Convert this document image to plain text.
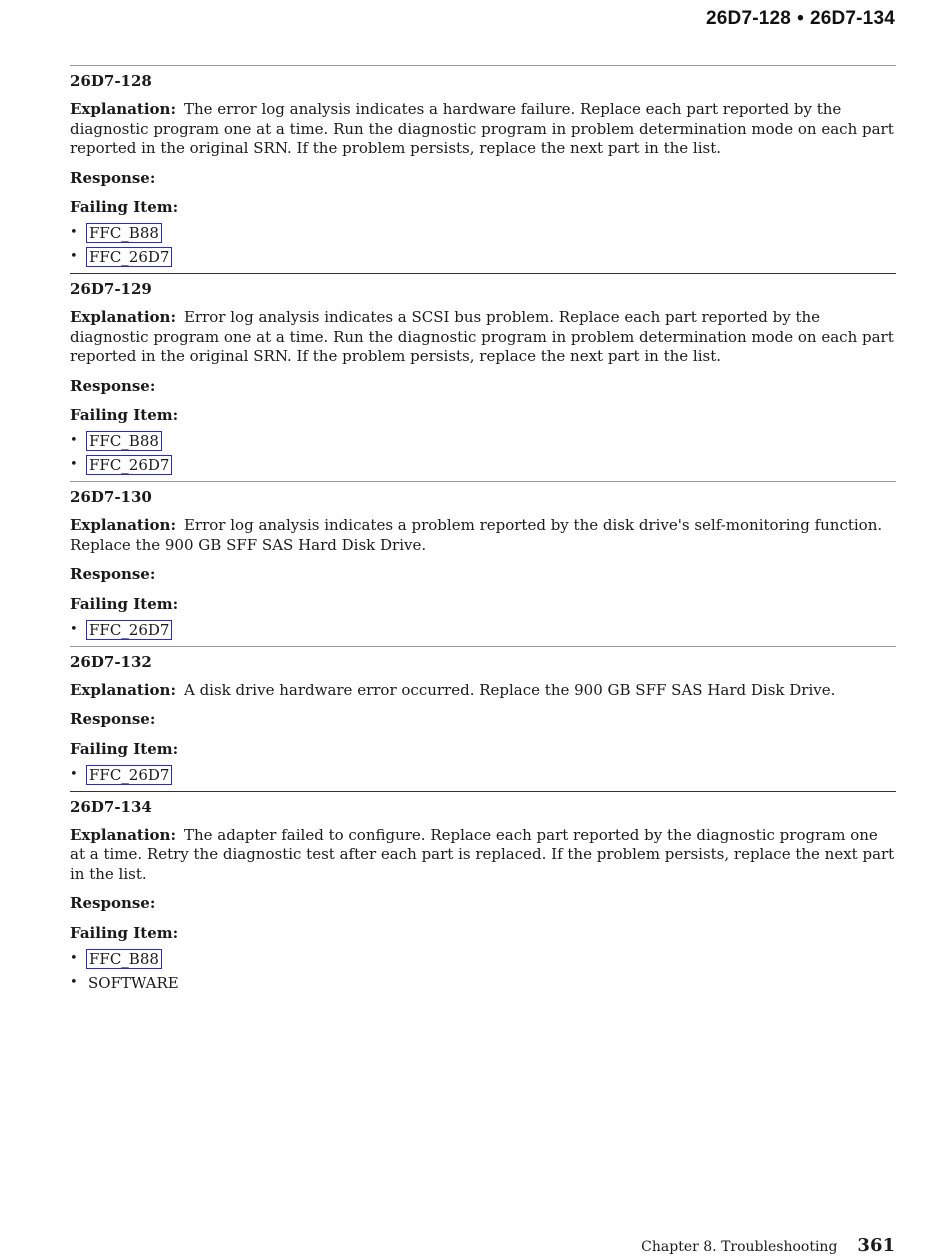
26D7-128 • 26D7-134
26D7-128

Explanation: The error log analysis indicates a hardware failure. Replace each part reported by the diagnostic program one at a time. Run the diagnostic program in problem determination mode on each part reported in the original SRN. If the problem persists, replace the next part in the list.

Response:

Failing Item:

• FFC_B88
• FFC_26D7
26D7-129

Explanation: Error log analysis indicates a SCSI bus problem. Replace each part reported by the diagnostic program one at a time. Run the diagnostic program in problem determination mode on each part reported in the original SRN. If the problem persists, replace the next part in the list.

Response:

Failing Item:

• FFC_B88
• FFC_26D7
26D7-130

Explanation: Error log analysis indicates a problem reported by the disk drive's self-monitoring function. Replace the 900 GB SFF SAS Hard Disk Drive.

Response:

Failing Item:

• FFC_26D7
26D7-132

Explanation: A disk drive hardware error occurred. Replace the 900 GB SFF SAS Hard Disk Drive.

Response:

Failing Item:

• FFC_26D7
26D7-134

Explanation: The adapter failed to configure. Replace each part reported by the diagnostic program one at a time. Retry the diagnostic test after each part is replaced. If the problem persists, replace the next part in the list.

Response:

Failing Item:

• FFC_B88
• SOFTWARE
Chapter 8. Troubleshooting 361
